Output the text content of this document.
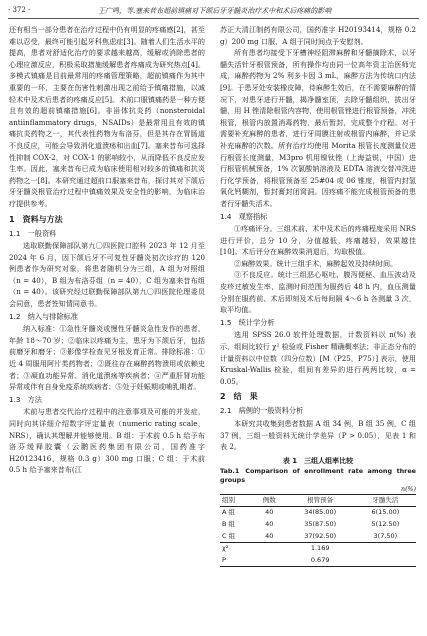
· 372 ·	王广鸣，等.塞来昔布超前镇痛对下颌后牙牙髓炎治疗术中和术后疼痛的影响

还有相当一部分患者在治疗过程中仍有明显的疼痛感[2]，甚至难以忍受，最终可能引起牙科焦虑症[3]。随着人们生活水平的提高，患者对舒适化治疗的要求越来越高，缓解或消除患者的心理应激反应，积极采取措施缓解患者疼痛成为研究热点[4]。多模式镇痛是目前最常用的疼痛管理策略，超前镇痛作为其中重要的一环，主要在伤害性刺激出现之前给予镇痛措施，以减轻术中及术后患者的疼痛反应[5]。术前口服镇痛药是一种方便且有效的超前镇痛措施[6]。非甾体抗炎药（nonsteroidal antiinflammatory drugs，NSAIDs）是最常用且有效的镇痛抗炎药物之一，其代表性药物为布洛芬，但是其存在胃肠道不良反应，可能会导致消化道溃疡和出血[7]。塞来昔布可选择性抑制 COX-2，对 COX-1 的影响较小，从而降低不良反应发生率。因此，塞来昔布已成为临床使用相对较多的镇痛和抗炎药物之一[8]。本研究通过超前口服塞来昔布，探讨其对下颌后牙牙髓炎根管治疗过程中镇痛效果及安全性的影响，为临床治疗提供参考。

1　资料与方法
1.1　一般资料

选取联勤保障部队第九〇四医院口腔科 2023 年 12 月至 2024 年 6 月，因下颌后牙不可复性牙髓炎初次诊疗的 120 例患者作为研究对象，将患者随机分为三组，A 组为对照组（n = 40），B 组为布洛芬组（n = 40），C 组为塞来昔布组（n = 40）。该研究经过联勤保障部队第九〇四医院伦理委员会同意，患者签知情同意书。

1.2　纳入与排除标准

纳入标准：①急性牙髓炎或慢性牙髓炎急性发作的患者，年龄 18～70 岁；②临床以疼痛为主，患牙为下颌后牙，包括前磨牙和磨牙；③影像学检查见牙根发育正常。排除标准：①近 4 周服用阿片类药物者；②既往存在麻醉药物溃用或依赖史者；③凝血功能异常、消化道溃疡等疾病者；④严重肝肾功能异常或伴有自身免疫系统疾病者；⑤处于妊娠期或哺乳期者。

1.3　方法

术前与患者交代治疗过程中的注意事项及可能的并发症，同时向其详细介绍数字评定量表（numeric rating scale，NRS），确认其理解并能够使用。B 组：于术前 0.5 h 给予布洛芬缓释胶囊（云鹏医药集团有限公司，国药准字 H20123416，规格 0.3 g）300 mg 口服；C 组：于术前 0.5 h 给予塞来昔布(江

苏正大清江制药有限公司，国药准字 H20193414，规格 0.2 g）200 mg 口服，A 组于同时间点予安慰剂。

所有患者均接受下牙槽神经阻滞麻醉和牙髓摘除术，以牙髓失活针牙根管预备，所有操作均由同一位高年资主治医师完成，麻醉药物为 2% 利多卡因 3 mL，麻醉方法为传统口内法[9]。于患牙处安装橡皮障，待麻醉生效后，在不需要麻醉的情况下，对患牙进行开髓，揭净髓室顶，去除牙髓组织，拔出牙髓，用 H 锉清除根管内容物，使用根管锉进行根管预备，冲洗根管，根管内放置消毒药物，最后暂封，完成整个疗程。对于需要补充麻醉的患者，进行牙周膜注射或根管内麻醉，并记录补充麻醉的次数。所有治疗均使用 Morita 根管长度测量仪进行根管长度测量，M3pro 机用镍钛锉（上海益锐，中国）进行根管机械预备，1% 次氯酸钠溶液及 EDTA 溶液交替冲洗进行化学预备，将根管预备至 25#04 或 06 锥度，根管内封氢氧化钙糊剂，暂封膏封闭窝洞。因疼痛不能完成根管预备的患者行牙髓失活术。

1.4　观察指标

①疼痛评分。三组术前、术中及术后的疼痛程度采用 NRS 进行评价，总分 10 分，分值越低，疼痛越轻，效果越佳[10]。术后评分在麻醉效果消退后，均取极值。

②麻醉效果。统计三组手术，麻醉起效及持续时间。

③不良反应。统计三组恶心呕吐、腹泻便秘、血压波动及皮疹过敏发生率，监测时间范围为服药后 48 h 内，血压测量分别在服药前、术后即刻及术后每间隔 4～6 h 各测量 3 次，取平均值。

1.5　统计学分析

选用 SPSS 26.0 软件处理数据，计数资料以 n(%) 表示，组间比较行 χ² 检验或 Fisher 精确概率法；非正态分布的计量资料以中位数（四分位数）[M（P25，P75）] 表示，使用 Kruskal-Wallis 检验，组间有差异的进行两两比较，α = 0.05。

2　结　果
2.1　病例的一般资料分析

本研究共收集到患者数据 A 组 34 例，B 组 35 例，C 组 37 例，三组一般资料无统计学差异（P > 0.05），见表 1 和表 2。

表 1　三组人组率比较
Tab.1 Comparison of enrollment rate among three groups
n(%)
组别	例数	根管预备	牙髓失活
A 组	40	34(85.00)	6(15.00)
B 组	40	35(87.50)	5(12.50)
C 组	40	37(92.50)	3(7.50)
χ²		1.169	
P		0.679	
